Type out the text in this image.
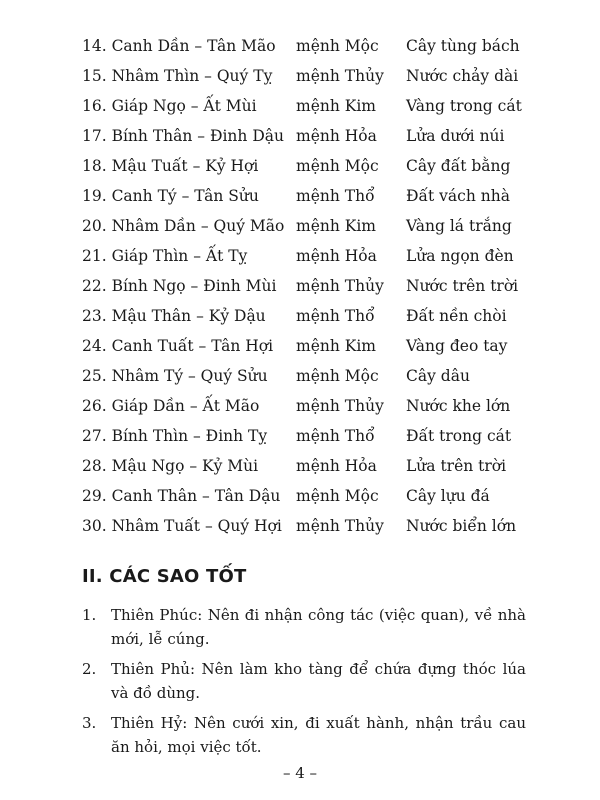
14. Canh Dần – Tân Mão mệnh Mộc Cây tùng bách
15. Nhâm Thìn – Quý Tỵ mệnh Thủy Nước chảy dài
16. Giáp Ngọ – Ất Mùi	mệnh Kim Vàng trong cát
17. Bính Thân – Đinh Dậu mệnh Hỏa Lửa dưới núi
18. Mậu Tuất – Kỷ Hợi mệnh Mộc Cây đất bằng
19. Canh Tý – Tân Sửu mệnh Thổ Đất vách nhà
20. Nhâm Dần – Quý Mão mệnh Kim Vàng lá trắng
21. Giáp Thìn – Ất Tỵ	mệnh Hỏa Lửa ngọn đèn
22. Bính Ngọ – Đinh Mùi mệnh Thủy Nước trên trời
23. Mậu Thân – Kỷ Dậu mệnh Thổ Đất nền chòi
24. Canh Tuất – Tân Hợi mệnh Kim Vàng đeo tay
25. Nhâm Tý – Quý Sửu mệnh Mộc Cây dâu
26. Giáp Dần – Ất Mão mệnh Thủy Nước khe lớn
27. Bính Thìn – Đinh Tỵ mệnh Thổ Đất trong cát
28. Mậu Ngọ – Kỷ Mùi mệnh Hỏa Lửa trên trời
29. Canh Thân – Tân Dậu mệnh Mộc Cây lựu đá
30. Nhâm Tuất – Quý Hợi mệnh Thủy Nước biển lớn
II. CÁC SAO TỐT
1. Thiên Phúc: Nên đi nhận công tác (việc quan), về nhà mới, lễ cúng.
2. Thiên Phủ: Nên làm kho tàng để chứa đựng thóc lúa và đồ dùng.
3. Thiên Hỷ: Nên cưới xin, đi xuất hành, nhận trầu cau ăn hỏi, mọi việc tốt.
– 4 –
